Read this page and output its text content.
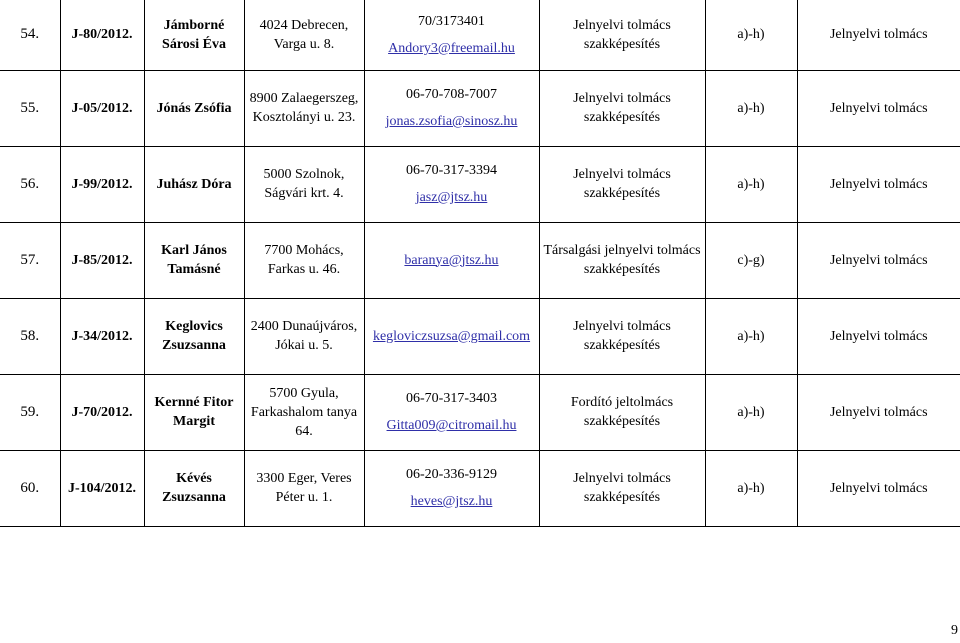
54.	J-80/2012.	Jámborné Sárosi Éva	4024 Debrecen,
Varga u. 8.	70/3173401
Andory3@freemail.hu	Jelnyelvi tolmács szakképesítés	a)-h)	Jelnyelvi tolmács
55.	J-05/2012.	Jónás Zsófia	8900 Zalaegerszeg,
Kosztolányi u. 23.	06-70-708-7007
jonas.zsofia@sinosz.hu	Jelnyelvi tolmács szakképesítés	a)-h)	Jelnyelvi tolmács
56.	J-99/2012.	Juhász Dóra	5000 Szolnok,
Ságvári krt. 4.	06-70-317-3394
jasz@jtsz.hu	Jelnyelvi tolmács szakképesítés	a)-h)	Jelnyelvi tolmács
57.	J-85/2012.	Karl János Tamásné	7700 Mohács,
Farkas u. 46.	baranya@jtsz.hu	Társalgási jelnyelvi tolmács szakképesítés	c)-g)	Jelnyelvi tolmács
58.	J-34/2012.	Keglovics Zsuzsanna	2400 Dunaújváros,
Jókai u. 5.	kegloviczsuzsa@gmail.com	Jelnyelvi tolmács szakképesítés	a)-h)	Jelnyelvi tolmács
59.	J-70/2012.	Kernné Fitor Margit	5700 Gyula,
Farkashalom tanya
64.	06-70-317-3403
Gitta009@citromail.hu	Fordító jeltolmács szakképesítés	a)-h)	Jelnyelvi tolmács
60.	J-104/2012.	Kévés Zsuzsanna	3300 Eger, Veres
Péter u. 1.	06-20-336-9129
heves@jtsz.hu	Jelnyelvi tolmács szakképesítés	a)-h)	Jelnyelvi tolmács
9
